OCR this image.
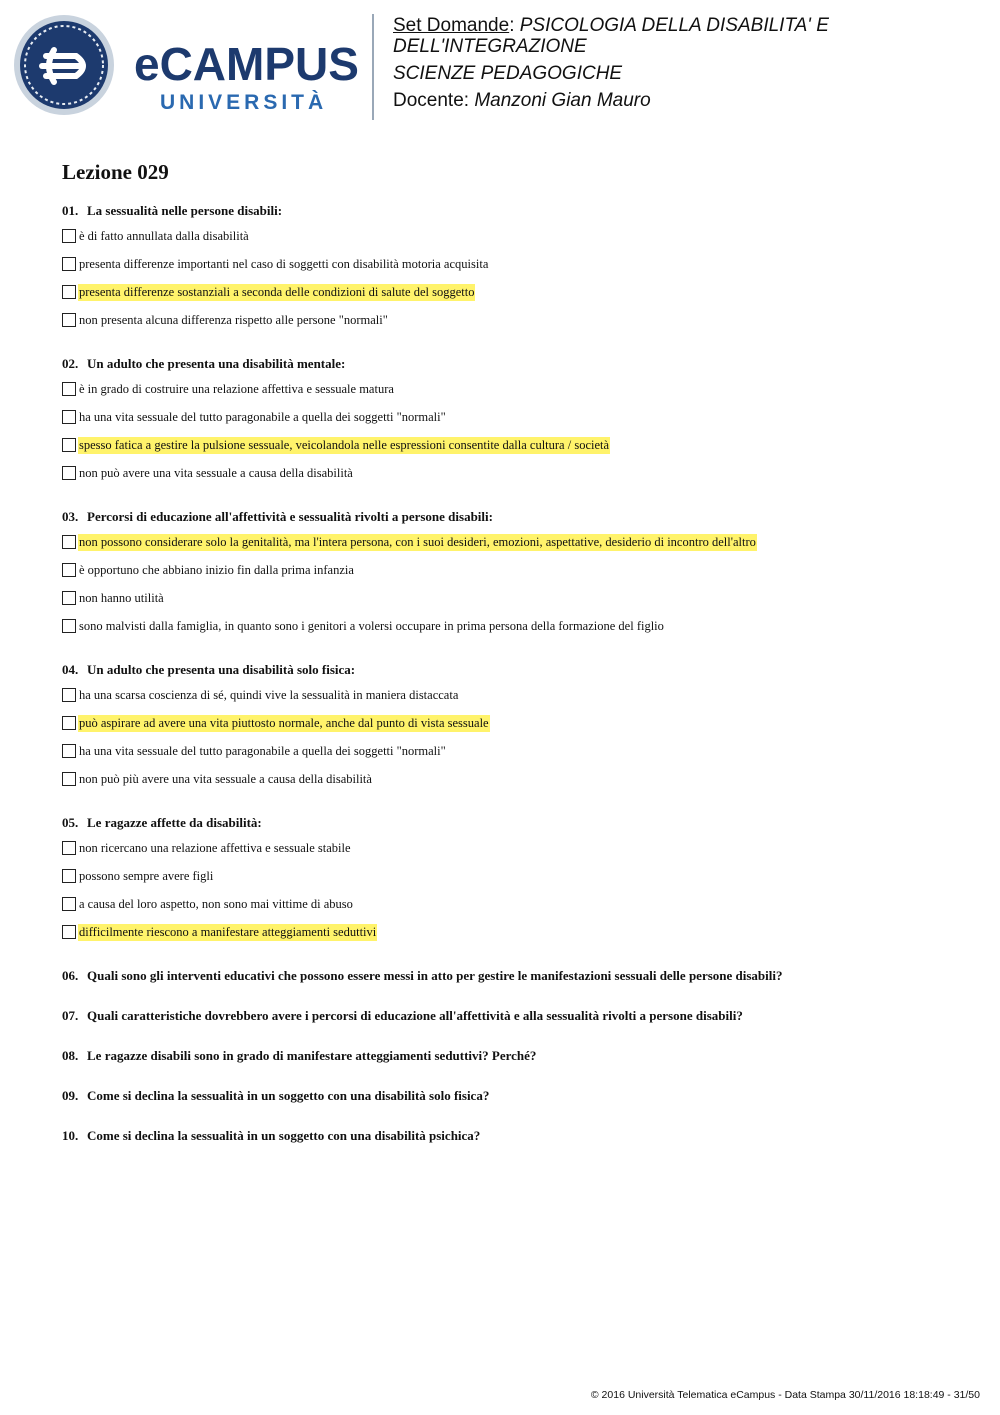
eCAMPUS
UNIVERSITÀ
Set Domande: PSICOLOGIA DELLA DISABILITA' E
DELL'INTEGRAZIONE
SCIENZE PEDAGOGICHE
Docente: Manzoni Gian Mauro
Lezione 029
01. La sessualità nelle persone disabili:
è di fatto annullata dalla disabilità
presenta differenze importanti nel caso di soggetti con disabilità motoria acquisita
presenta differenze sostanziali a seconda delle condizioni di salute del soggetto
non presenta alcuna differenza rispetto alle persone "normali"
02. Un adulto che presenta una disabilità mentale:
è in grado di costruire una relazione affettiva e sessuale matura
ha una vita sessuale del tutto paragonabile a quella dei soggetti "normali"
spesso fatica a gestire la pulsione sessuale, veicolandola nelle espressioni consentite dalla cultura / società
non può avere una vita sessuale a causa della disabilità
03. Percorsi di educazione all'affettività e sessualità rivolti a persone disabili:
non possono considerare solo la genitalità, ma l'intera persona, con i suoi desideri, emozioni, aspettative, desiderio di incontro dell'altro
è opportuno che abbiano inizio fin dalla prima infanzia
non hanno utilità
sono malvisti dalla famiglia, in quanto sono i genitori a volersi occupare in prima persona della formazione del figlio
04. Un adulto che presenta una disabilità solo fisica:
ha una scarsa coscienza di sé, quindi vive la sessualità in maniera distaccata
può aspirare ad avere una vita piuttosto normale, anche dal punto di vista sessuale
ha una vita sessuale del tutto paragonabile a quella dei soggetti "normali"
non può più avere una vita sessuale a causa della disabilità
05. Le ragazze affette da disabilità:
non ricercano una relazione affettiva e sessuale stabile
possono sempre avere figli
a causa del loro aspetto, non sono mai vittime di abuso
difficilmente riescono a manifestare atteggiamenti seduttivi
06. Quali sono gli interventi educativi che possono essere messi in atto per gestire le manifestazioni sessuali delle persone disabili?
07. Quali caratteristiche dovrebbero avere i percorsi di educazione all'affettività e alla sessualità rivolti a persone disabili?
08. Le ragazze disabili sono in grado di manifestare atteggiamenti seduttivi? Perché?
09. Come si declina la sessualità in un soggetto con una disabilità solo fisica?
10. Come si declina la sessualità in un soggetto con una disabilità psichica?
© 2016 Università Telematica eCampus - Data Stampa 30/11/2016 18:18:49 - 31/50
